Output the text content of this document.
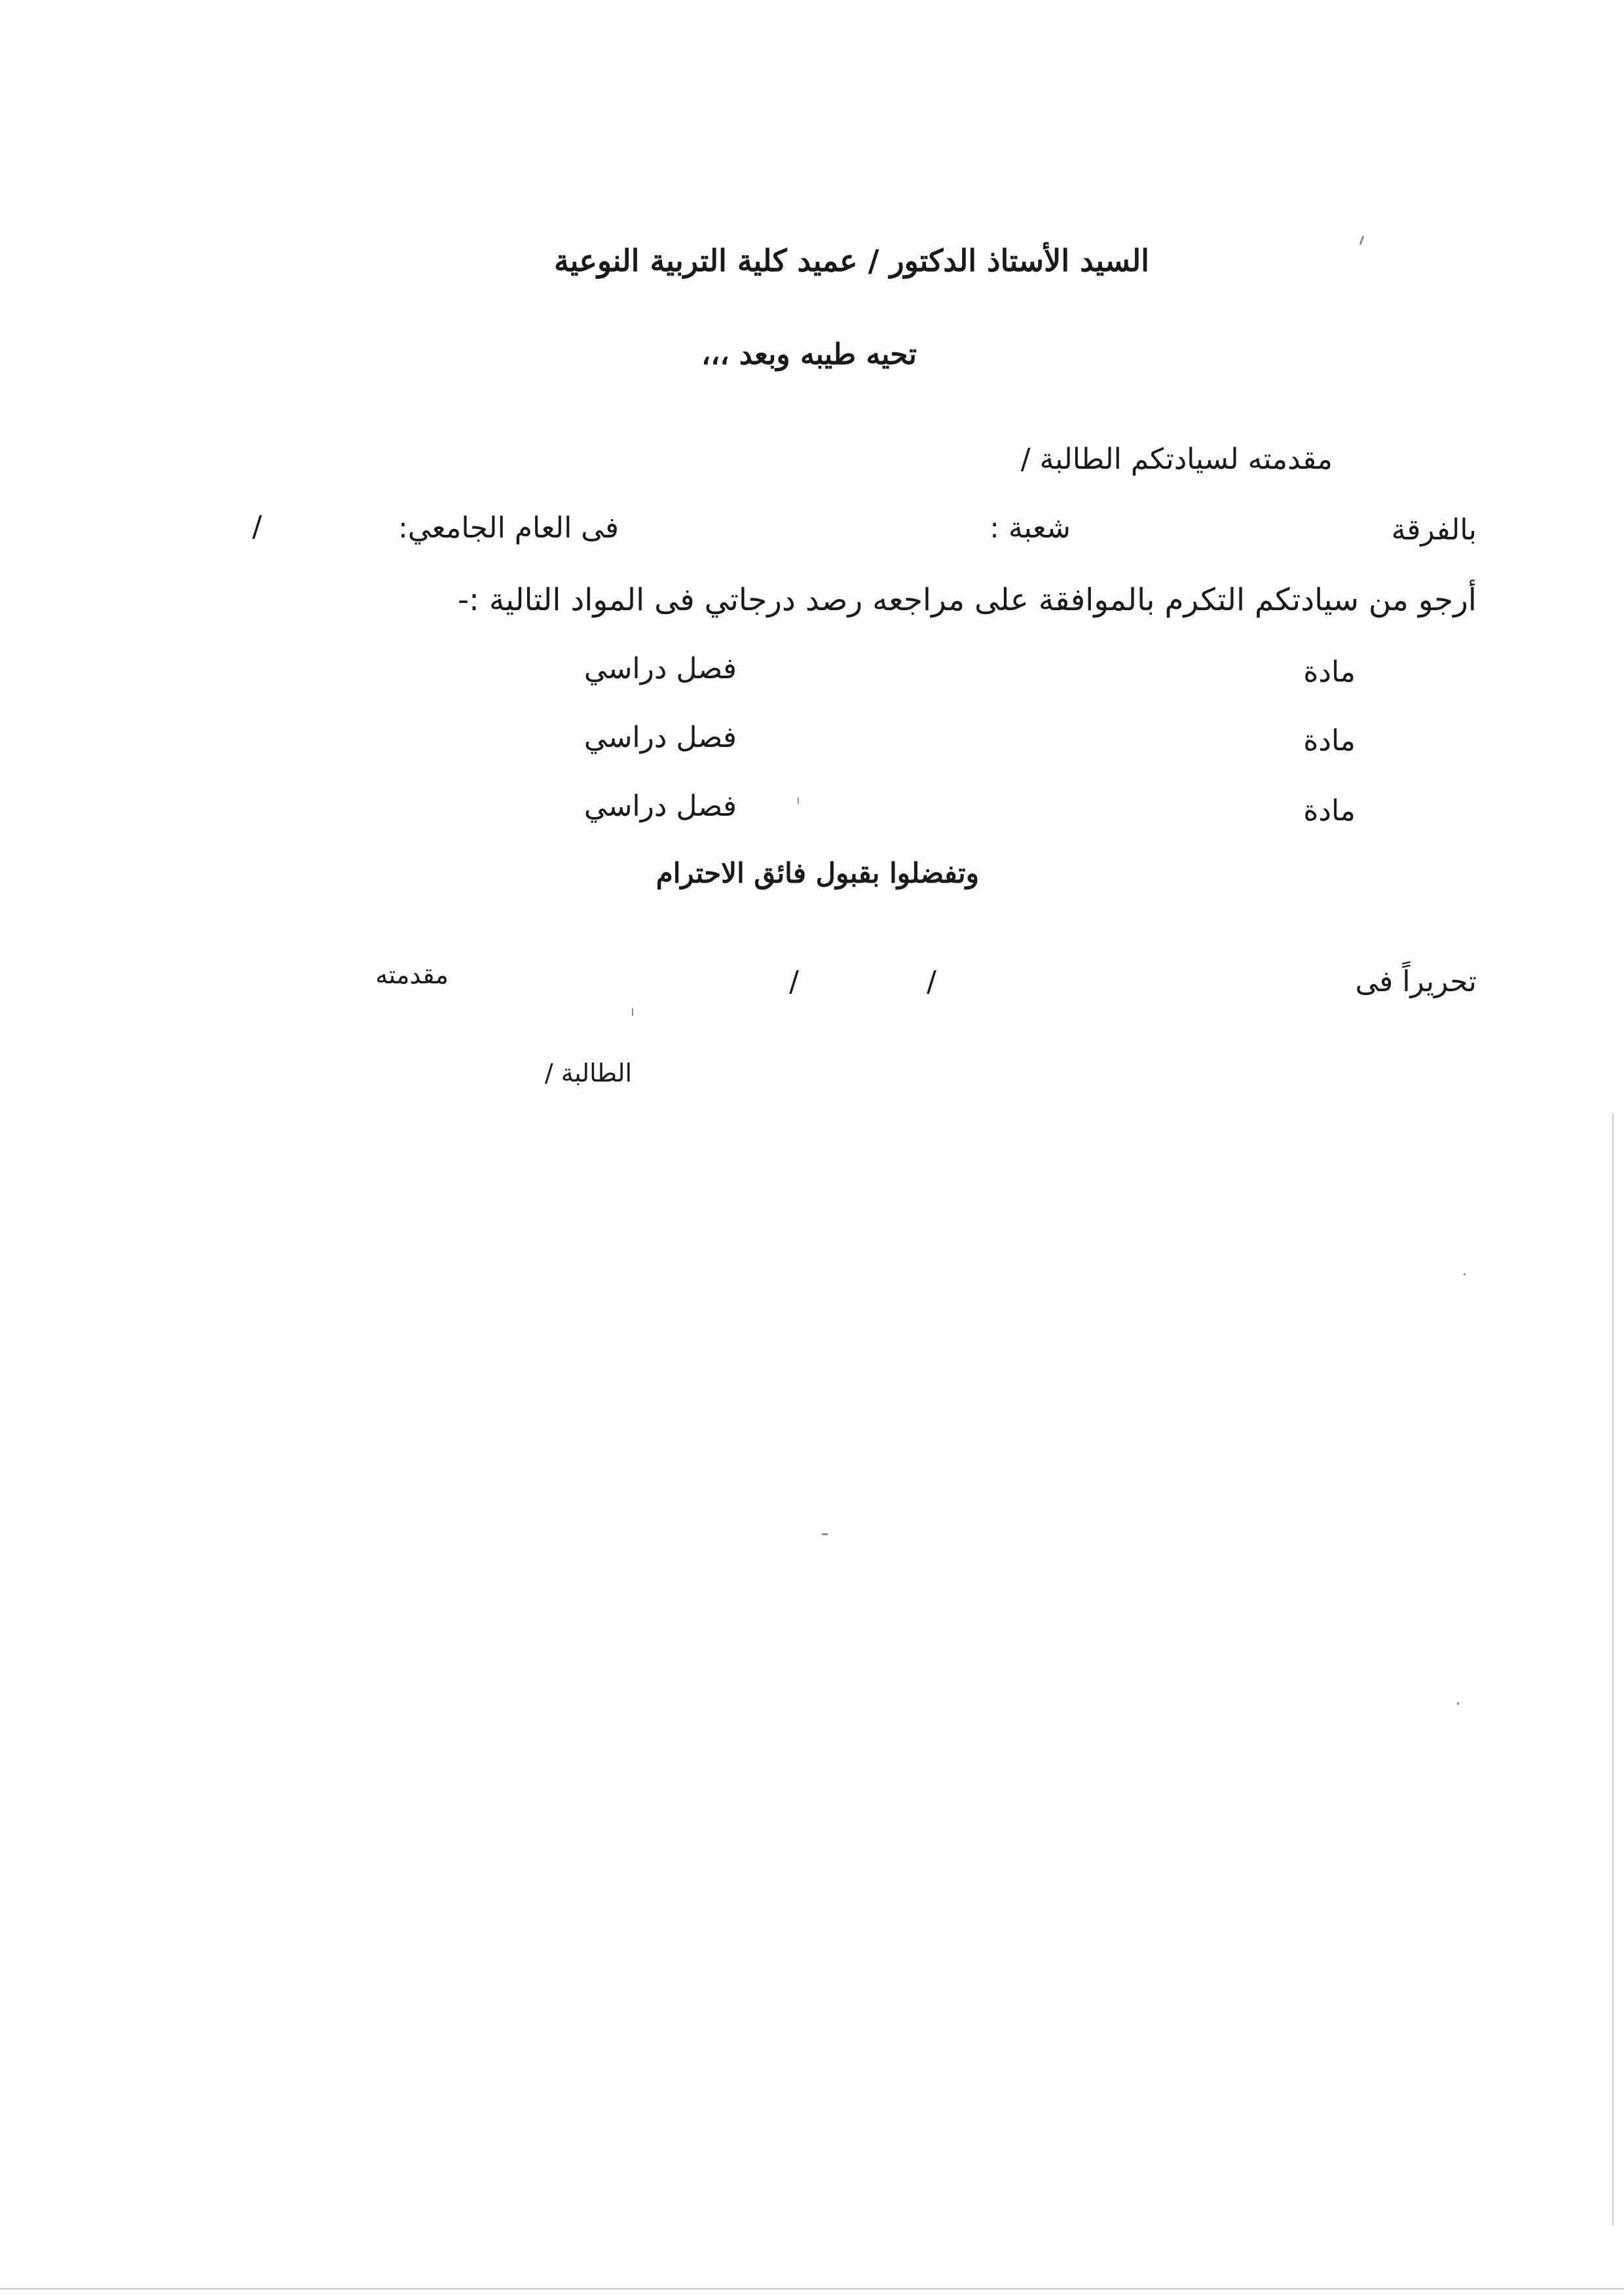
السيد الأستاذ الدكتور / عميد كلية التربية النوعية
تحيه طيبه وبعد ،،،
مقدمته لسيادتكم الطالبة /
بالفرقة
شعبة :
فى العام الجامعي:
/
أرجو من سيادتكم التكرم بالموافقة على مراجعه رصد درجاتي فى المواد التالية :-
مادة
فصل دراسي
مادة
فصل دراسي
مادة
فصل دراسي
وتفضلوا بقبول فائق الاحترام
تحريراً فى
/
/
مقدمته
الطالبة /
